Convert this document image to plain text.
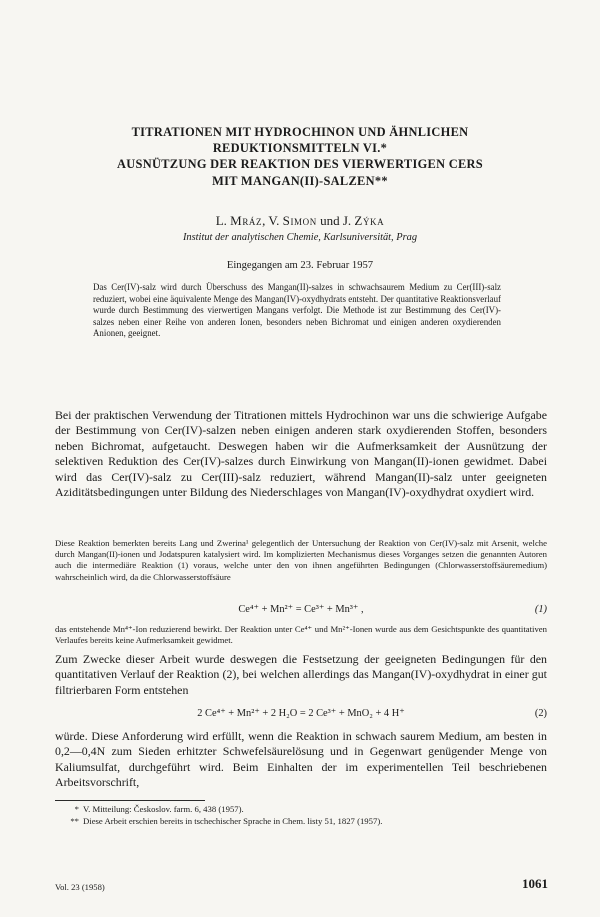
TITRATIONEN MIT HYDROCHINON UND ÄHNLICHEN
REDUKTIONSMITTELN VI.*
AUSNÜTZUNG DER REAKTION DES VIERWERTIGEN CERS
MIT MANGAN(II)-SALZEN**
L. Mráz, V. Simon und J. Zýka
Institut der analytischen Chemie, Karlsuniversität, Prag
Eingegangen am 23. Februar 1957

Das Cer(IV)-salz wird durch Überschuss des Mangan(II)-salzes in schwachsaurem Medium zu Cer(III)-salz reduziert, wobei eine äquivalente Menge des Mangan(IV)-oxydhydrats entsteht. Der quantitative Reaktionsverlauf wurde durch Bestimmung des vierwertigen Mangans verfolgt. Die Methode ist zur Bestimmung des Cer(IV)-salzes neben einer Reihe von anderen Ionen, besonders neben Bichromat und einigen anderen oxydierenden Anionen, geeignet.

Bei der praktischen Verwendung der Titrationen mittels Hydrochinon war uns die schwierige Aufgabe der Bestimmung von Cer(IV)-salzen neben einigen anderen stark oxydierenden Stoffen, besonders neben Bichromat, aufgetaucht. Deswegen haben wir die Aufmerksamkeit der Ausnützung der selektiven Reduktion des Cer(IV)-salzes durch Einwirkung von Mangan(II)-ionen gewidmet. Dabei wird das Cer(IV)-salz zu Cer(III)-salz reduziert, während Mangan(II)-salz unter geeigneten Aziditätsbedingungen unter Bildung des Niederschlages von Mangan(IV)-oxydhydrat oxydiert wird.

Diese Reaktion bemerkten bereits Lang und Zwerina¹ gelegentlich der Untersuchung der Reaktion von Cer(IV)-salz mit Arsenit, welche durch Mangan(II)-ionen und Jodatspuren katalysiert wird. Im komplizierten Mechanismus dieses Vorganges setzen die genannten Autoren auch die intermediäre Reaktion (1) voraus, welche unter den von ihnen angeführten Bedingungen (Chlorwasserstoffsäuremedium) wahrscheinlich wird, da die Chlorwasserstoffsäure

Ce⁴⁺ + Mn²⁺ = Ce³⁺ + Mn³⁺ ,	(1)

das entstehende Mn⁴⁺-Ion reduzierend bewirkt. Der Reaktion unter Ce⁴⁺ und Mn²⁺-Ionen wurde aus dem Gesichtspunkte des quantitativen Verlaufes bereits keine Aufmerksamkeit gewidmet.

Zum Zwecke dieser Arbeit wurde deswegen die Festsetzung der geeigneten Bedingungen für den quantitativen Verlauf der Reaktion (2), bei welchen allerdings das Mangan(IV)-oxydhydrat in einer gut filtrierbaren Form entstehen

2 Ce⁴⁺ + Mn²⁺ + 2 H₂O = 2 Ce³⁺ + MnO₂ + 4 H⁺	(2)

würde. Diese Anforderung wird erfüllt, wenn die Reaktion in schwach saurem Medium, am besten in 0,2—0,4N zum Sieden erhitzter Schwefelsäurelösung und in Gegenwart genügender Menge von Kaliumsulfat, durchgeführt wird. Beim Einhalten der im experimentellen Teil beschriebenen Arbeitsvorschrift,

* V. Mitteilung: Českoslov. farm. 6, 438 (1957).
** Diese Arbeit erschien bereits in tschechischer Sprache in Chem. listy 51, 1827 (1957).
Vol. 23 (1958)	1061
